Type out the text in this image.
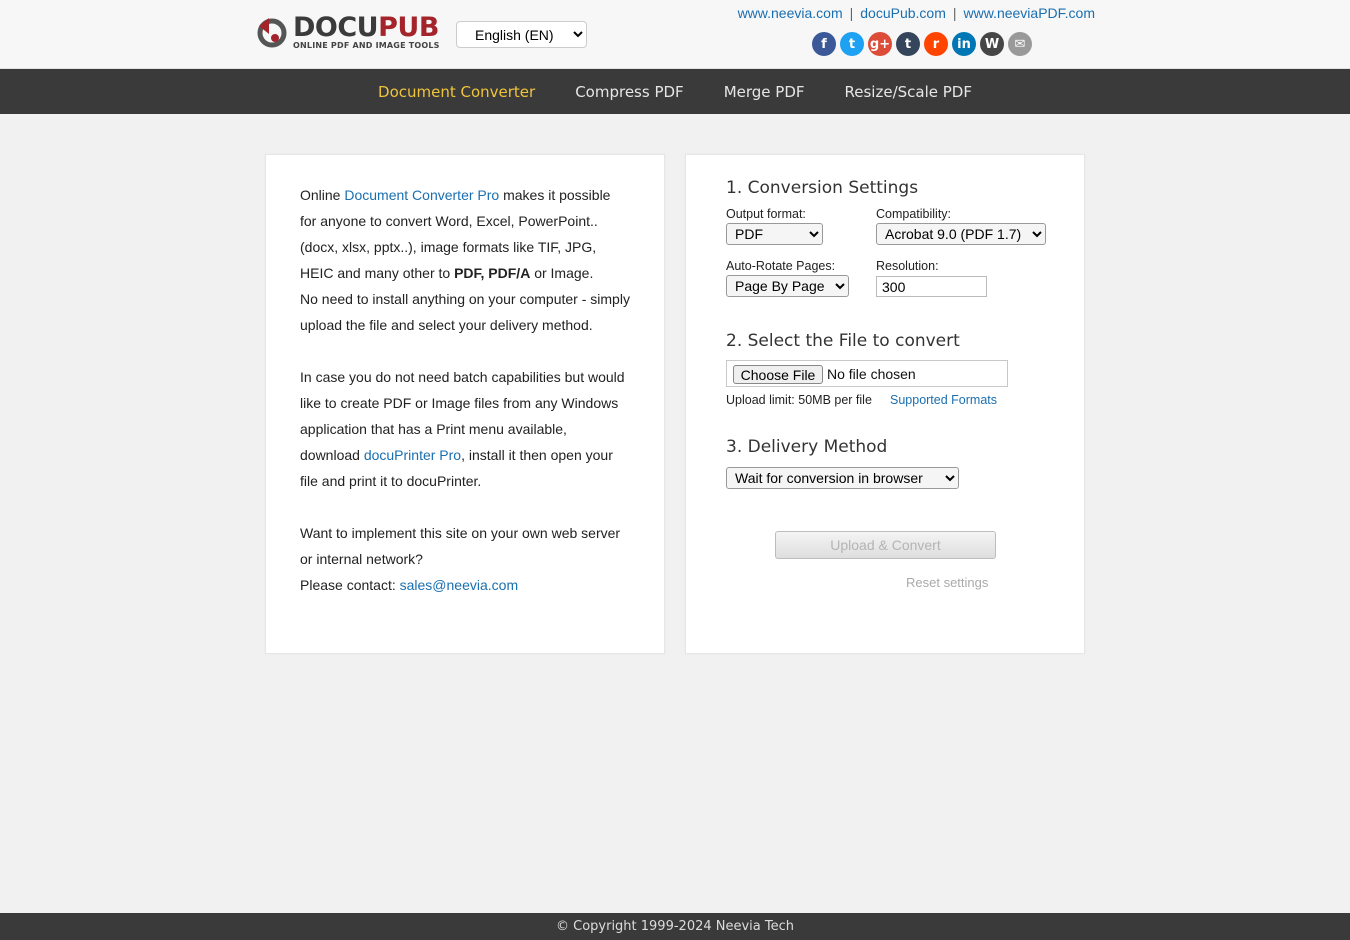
DOCUPUB
ONLINE PDF AND IMAGE TOOLS
English (EN)
www.neevia.com | docuPub.com | www.neeviaPDF.com
f	t	g+	t	r	in	W	✉
Document Converter	Compress PDF	Merge PDF	Resize/Scale PDF

Online Document Converter Pro makes it possible for anyone to convert Word, Excel, PowerPoint.. (docx, xlsx, pptx..), image formats like TIF, JPG, HEIC and many other to PDF, PDF/A or Image.

No need to install anything on your computer - simply upload the file and select your delivery method.

In case you do not need batch capabilities but would like to create PDF or Image files from any Windows application that has a Print menu available, download docuPrinter Pro, install it then open your file and print it to docuPrinter.

Want to implement this site on your own web server or internal network?

Please contact: sales@neevia.com

1. Conversion Settings
Output format:
PDF	Compatibility:
Acrobat 9.0 (PDF 1.7)
Auto-Rotate Pages:
Page By Page	Resolution:
300
2. Select the File to convert
Choose File No file chosen
Upload limit: 50MB per file Supported Formats
3. Delivery Method
Wait for conversion in browser
Upload & Convert
Reset settings
© Copyright 1999-2024 Neevia Tech
